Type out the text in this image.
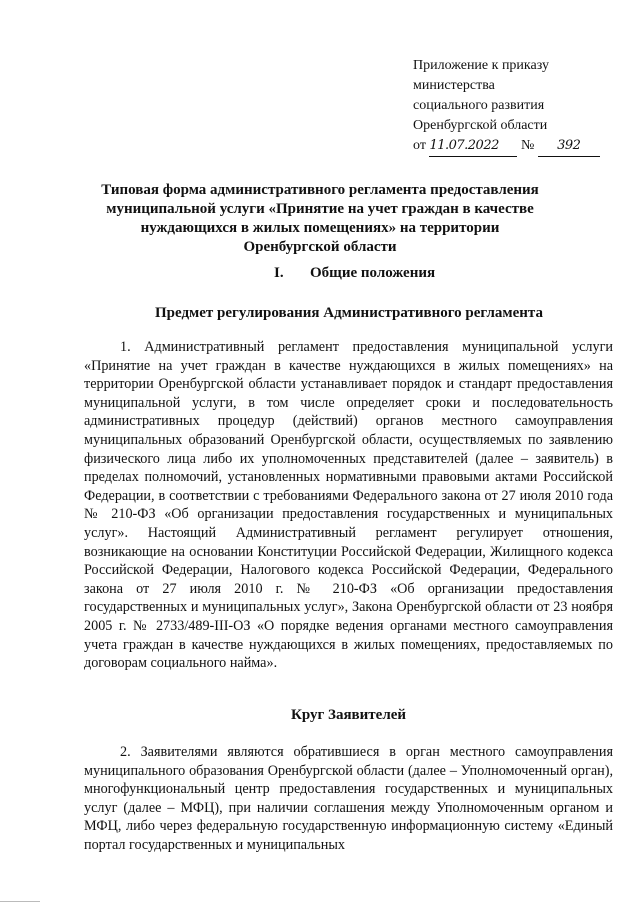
Приложение к приказу
министерства
социального развития
Оренбургской области
от 11.07.2022 № 392
Типовая форма административного регламента предоставления муниципальной услуги «Принятие на учет граждан в качестве нуждающихся в жилых помещениях» на территории Оренбургской области
I. Общие положения
Предмет регулирования Административного регламента
1. Административный регламент предоставления муниципальной услуги «Принятие на учет граждан в качестве нуждающихся в жилых помещениях» на территории Оренбургской области устанавливает порядок и стандарт предоставления муниципальной услуги, в том числе определяет сроки и последовательность административных процедур (действий) органов местного самоуправления муниципальных образований Оренбургской области, осуществляемых по заявлению физического лица либо их уполномоченных представителей (далее – заявитель) в пределах полномочий, установленных нормативными правовыми актами Российской Федерации, в соответствии с требованиями Федерального закона от 27 июля 2010 года № 210-ФЗ «Об организации предоставления государственных и муниципальных услуг». Настоящий Административный регламент регулирует отношения, возникающие на основании Конституции Российской Федерации, Жилищного кодекса Российской Федерации, Налогового кодекса Российской Федерации, Федерального закона от 27 июля 2010 г. № 210-ФЗ «Об организации предоставления государственных и муниципальных услуг», Закона Оренбургской области от 23 ноября 2005 г. № 2733/489-III-ОЗ «О порядке ведения органами местного самоуправления учета граждан в качестве нуждающихся в жилых помещениях, предоставляемых по договорам социального найма».
Круг Заявителей
2. Заявителями являются обратившиеся в орган местного самоуправления муниципального образования Оренбургской области (далее – Уполномоченный орган), многофункциональный центр предоставления государственных и муниципальных услуг (далее – МФЦ), при наличии соглашения между Уполномоченным органом и МФЦ, либо через федеральную государственную информационную систему «Единый портал государственных и муниципальных
